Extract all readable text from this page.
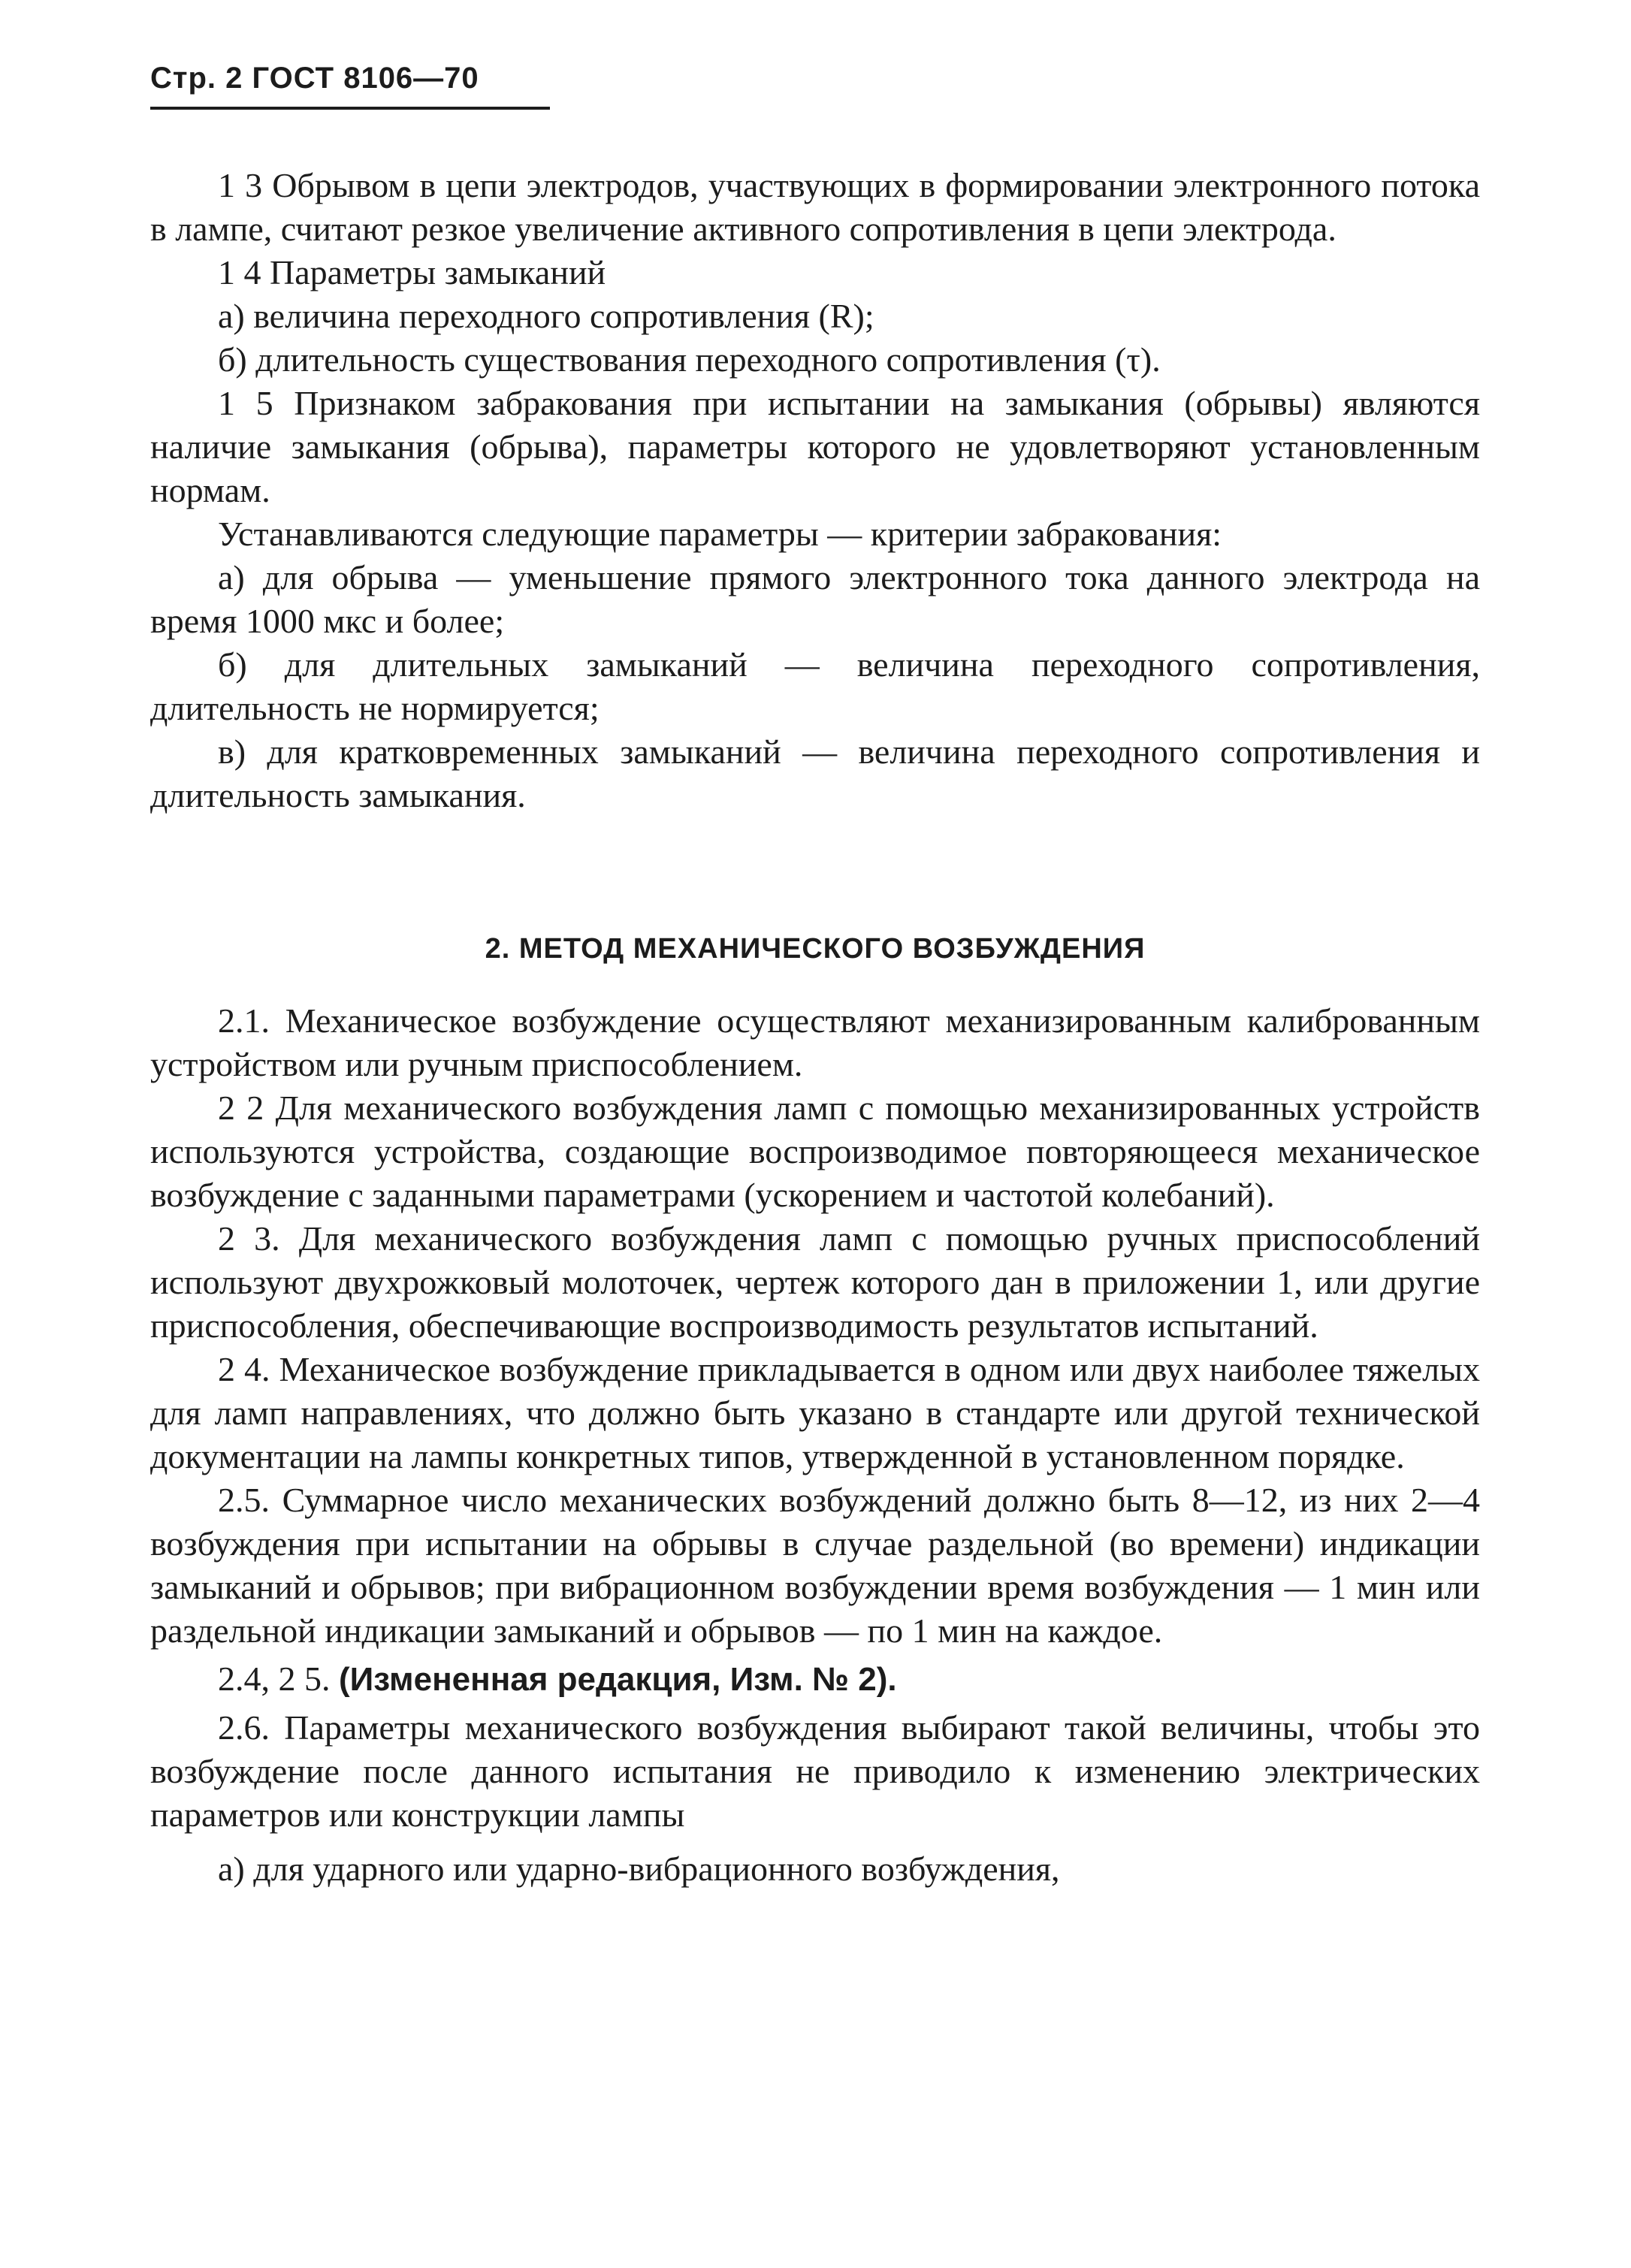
Стр. 2 ГОСТ 8106—70

1 3 Обрывом в цепи электродов, участвующих в формировании электронного потока в лампе, считают резкое увеличение активного сопротивления в цепи электрода.

1 4 Параметры замыканий

а) величина переходного сопротивления (R);

б) длительность существования переходного сопротивления (τ).

1 5 Признаком забракования при испытании на замыкания (обрывы) являются наличие замыкания (обрыва), параметры которого не удовлетворяют установленным нормам.

Устанавливаются следующие параметры — критерии забракования:

а) для обрыва — уменьшение прямого электронного тока данного электрода на время 1000 мкс и более;

б) для длительных замыканий — величина переходного сопротивления, длительность не нормируется;

в) для кратковременных замыканий — величина переходного сопротивления и длительность замыкания.

2. МЕТОД МЕХАНИЧЕСКОГО ВОЗБУЖДЕНИЯ

2.1. Механическое возбуждение осуществляют механизированным калиброванным устройством или ручным приспособлением.

2 2 Для механического возбуждения ламп с помощью механизированных устройств используются устройства, создающие воспроизводимое повторяющееся механическое возбуждение с заданными параметрами (ускорением и частотой колебаний).

2 3. Для механического возбуждения ламп с помощью ручных приспособлений используют двухрожковый молоточек, чертеж которого дан в приложении 1, или другие приспособления, обеспечивающие воспроизводимость результатов испытаний.

2 4. Механическое возбуждение прикладывается в одном или двух наиболее тяжелых для ламп направлениях, что должно быть указано в стандарте или другой технической документации на лампы конкретных типов, утвержденной в установленном порядке.

2.5. Суммарное число механических возбуждений должно быть 8—12, из них 2—4 возбуждения при испытании на обрывы в случае раздельной (во времени) индикации замыканий и обрывов; при вибрационном возбуждении время возбуждения — 1 мин или раздельной индикации замыканий и обрывов — по 1 мин на каждое.

2.4, 2 5. (Измененная редакция, Изм. № 2).

2.6. Параметры механического возбуждения выбирают такой величины, чтобы это возбуждение после данного испытания не приводило к изменению электрических параметров или конструкции лампы

а) для ударного или ударно-вибрационного возбуждения,
